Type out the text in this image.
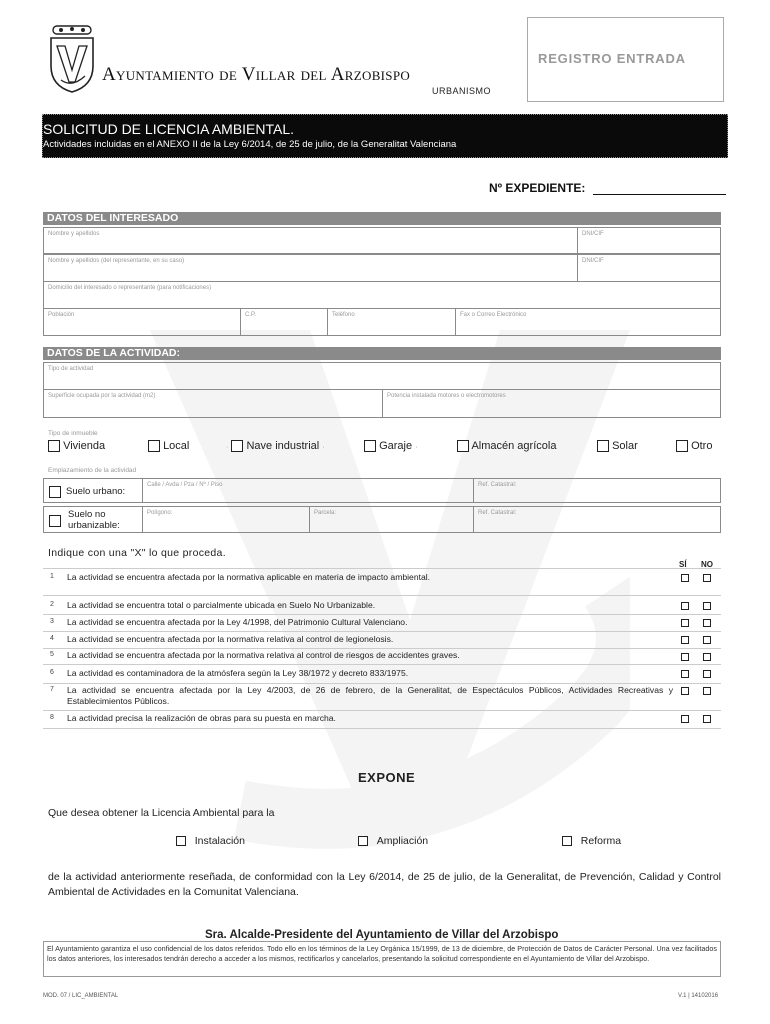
Ayuntamiento de Villar del Arzobispo
URBANISMO
REGISTRO ENTRADA
SOLICITUD DE LICENCIA AMBIENTAL.
Actividades incluidas en el ANEXO II de la Ley 6/2014, de 25 de julio, de la Generalitat Valenciana
Nº EXPEDIENTE:
DATOS DEL INTERESADO
Nombre y apellidos	DNI/CIF
Nombre y apellidos (del representante, en su caso)	DNI/CIF
Domicilio del interesado o representante (para notificaciones)
Población	C.P.	Teléfono	Fax o Correo Electrónico
DATOS DE LA ACTIVIDAD:
Tipo de actividad
Superficie ocupada por la actividad (m2)	Potencia instalada motores o electromotores
Tipo de inmueble
Vivienda	Local	· Nave industrial ·	Garaje ·	Almacén agrícola	Solar	Otro
Emplazamiento de la actividad
Suelo urbano:
Calle / Avda / Pza / Nº / Piso	Ref. Catastral:
Suelo no
urbanizable:
Polígono:	Parcela:	Ref. Catastral:
Indique con una "X" lo que proceda.
SÍ NO
1 La actividad se encuentra afectada por la normativa aplicable en materia de impacto ambiental.
2 La actividad se encuentra total o parcialmente ubicada en Suelo No Urbanizable.
3 La actividad se encuentra afectada por la Ley 4/1998, del Patrimonio Cultural Valenciano.
4 La actividad se encuentra afectada por la normativa relativa al control de legionelosis.
5 La actividad se encuentra afectada por la normativa relativa al control de riesgos de accidentes graves.
6 La actividad es contaminadora de la atmósfera según la Ley 38/1972 y decreto 833/1975.
7 La actividad se encuentra afectada por la Ley 4/2003, de 26 de febrero, de la Generalitat, de Espectáculos Públicos, Actividades Recreativas y Establecimientos Públicos.
8 La actividad precisa la realización de obras para su puesta en marcha.
EXPONE
Que desea obtener la Licencia Ambiental para la
Instalación	Ampliación	Reforma
de la actividad anteriormente reseñada, de conformidad con la Ley 6/2014, de 25 de julio, de la Generalitat, de Prevención, Calidad y Control Ambiental de Actividades en la Comunitat Valenciana.
Sra. Alcalde-Presidente del Ayuntamiento de Villar del Arzobispo
El Ayuntamiento garantiza el uso confidencial de los datos referidos. Todo ello en los términos de la Ley Orgánica 15/1999, de 13 de diciembre, de Protección de Datos de Carácter Personal. Una vez facilitados los datos anteriores, los interesados tendrán derecho a acceder a los mismos, rectificarlos y cancelarlos, presentando la solicitud correspondiente en el Ayuntamiento de Villar del Arzobispo.
MOD. 07 / LIC_AMBIENTAL	V.1 | 14102016
